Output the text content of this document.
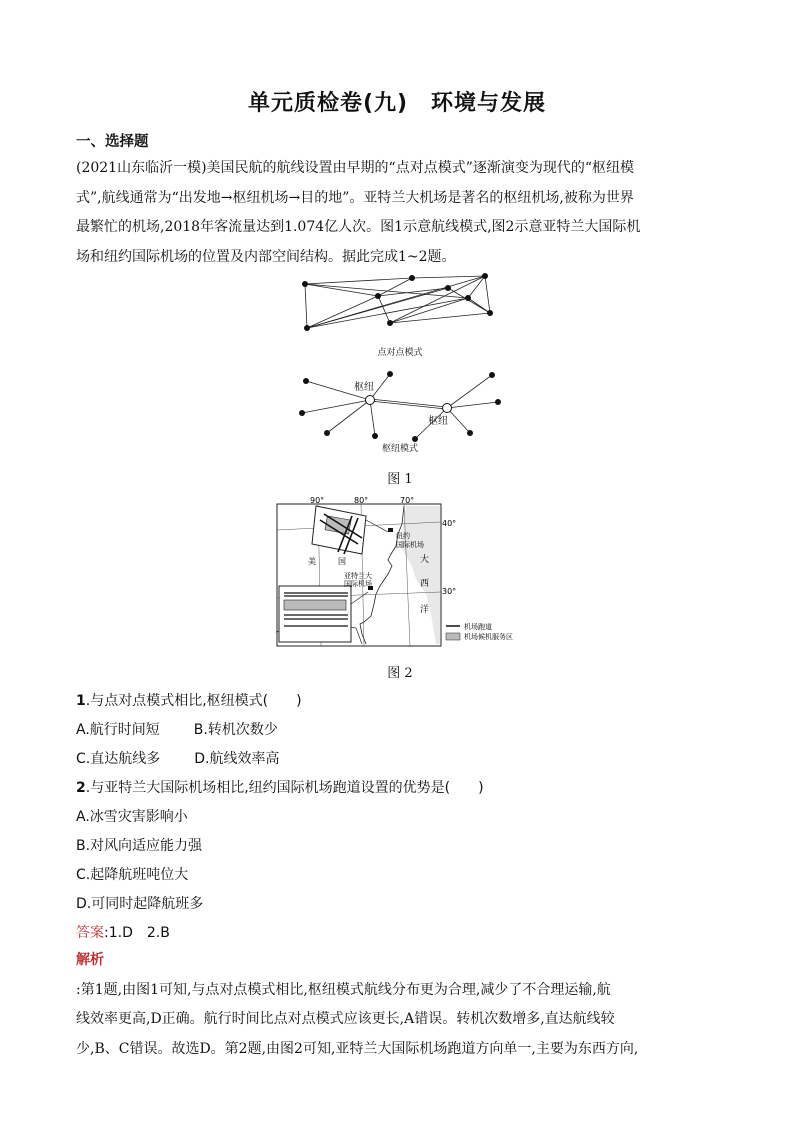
单元质检卷(九)　环境与发展
一、选择题
(2021山东临沂一模)美国民航的航线设置由早期的“点对点模式”逐渐演变为现代的“枢纽模
式”,航线通常为“出发地→枢纽机场→目的地”。亚特兰大机场是著名的枢纽机场,被称为世界
最繁忙的机场,2018年客流量达到1.074亿人次。图1示意航线模式,图2示意亚特兰大国际机
场和纽约国际机场的位置及内部空间结构。据此完成1~2题。
点对点模式
枢纽
枢纽
枢纽模式
图 1
90°	80°	70°
40°
30°
美	国	大
西
洋
纽约
国际机场
亚特兰大
国际机场
机场跑道
机场候机服务区
图 2
1.与点对点模式相比,枢纽模式(　　)
A.航行时间短 B.转机次数少
C.直达航线多 D.航线效率高
2.与亚特兰大国际机场相比,纽约国际机场跑道设置的优势是(　　)
A.冰雪灾害影响小
B.对风向适应能力强
C.起降航班吨位大
D.可同时起降航班多
答案:1.D　2.B
解析
:第1题,由图1可知,与点对点模式相比,枢纽模式航线分布更为合理,减少了不合理运输,航
线效率更高,D正确。航行时间比点对点模式应该更长,A错误。转机次数增多,直达航线较
少,B、C错误。故选D。第2题,由图2可知,亚特兰大国际机场跑道方向单一,主要为东西方向,
